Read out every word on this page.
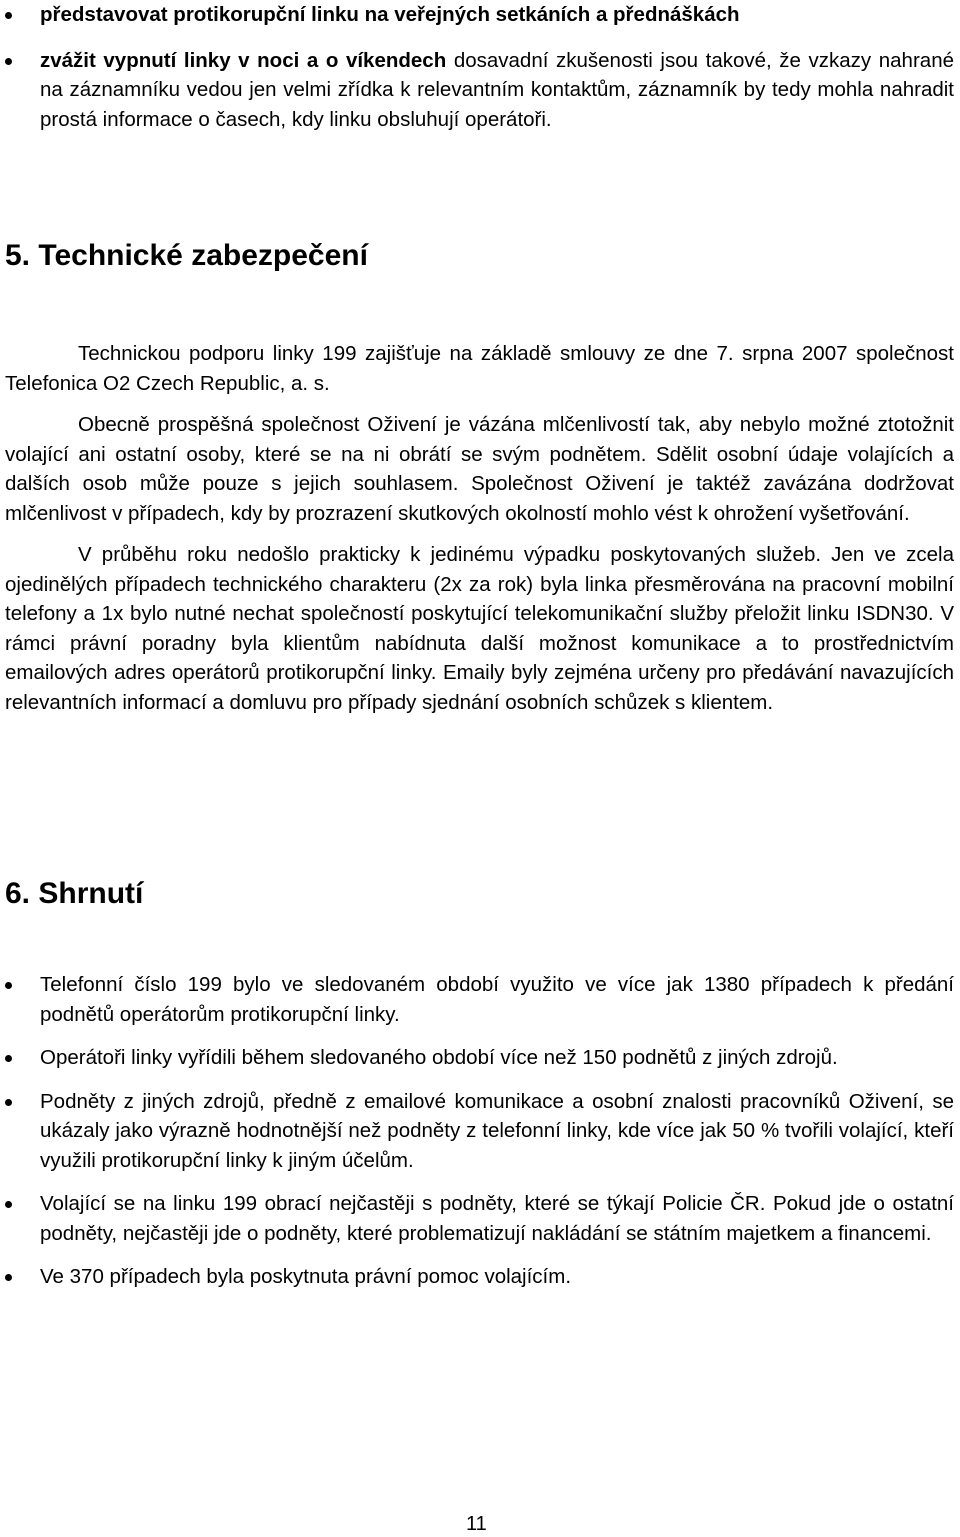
představovat protikorupční linku na veřejných setkáních a přednáškách

zvážit vypnutí linky v noci a o víkendech dosavadní zkušenosti jsou takové, že vzkazy nahrané na záznamníku vedou jen velmi zřídka k relevantním kontaktům, záznamník by tedy mohla nahradit prostá informace o časech, kdy linku obsluhují operátoři.

5. Technické zabezpečení

Technickou podporu linky 199 zajišťuje na základě smlouvy ze dne 7. srpna 2007 společnost Telefonica O2 Czech Republic, a. s.

Obecně prospěšná společnost Oživení je vázána mlčenlivostí tak, aby nebylo možné ztotožnit volající ani ostatní osoby, které se na ni obrátí se svým podnětem. Sdělit osobní údaje volajících a dalších osob může pouze s jejich souhlasem. Společnost Oživení je taktéž zavázána dodržovat mlčenlivost v případech, kdy by prozrazení skutkových okolností mohlo vést k ohrožení vyšetřování.

V průběhu roku nedošlo prakticky k jedinému výpadku poskytovaných služeb. Jen ve zcela ojedinělých případech technického charakteru (2x za rok) byla linka přesměrována na pracovní mobilní telefony a 1x bylo nutné nechat společností poskytující telekomunikační služby přeložit linku ISDN30. V rámci právní poradny byla klientům nabídnuta další možnost komunikace a to prostřednictvím emailových adres operátorů protikorupční linky. Emaily byly zejména určeny pro předávání navazujících relevantních informací a domluvu pro případy sjednání osobních schůzek s klientem.

6. Shrnutí

Telefonní číslo 199 bylo ve sledovaném období využito ve více jak 1380 případech k předání podnětů operátorům protikorupční linky.

Operátoři linky vyřídili během sledovaného období více než 150 podnětů z jiných zdrojů.

Podněty z jiných zdrojů, předně z emailové komunikace a osobní znalosti pracovníků Oživení, se ukázaly jako výrazně hodnotnější než podněty z telefonní linky, kde více jak 50 % tvořili volající, kteří využili protikorupční linky k jiným účelům.

Volající se na linku 199 obrací nejčastěji s podněty, které se týkají Policie ČR. Pokud jde o ostatní podněty, nejčastěji jde o podněty, které problematizují nakládání se státním majetkem a financemi.

Ve 370 případech byla poskytnuta právní pomoc volajícím.

11
